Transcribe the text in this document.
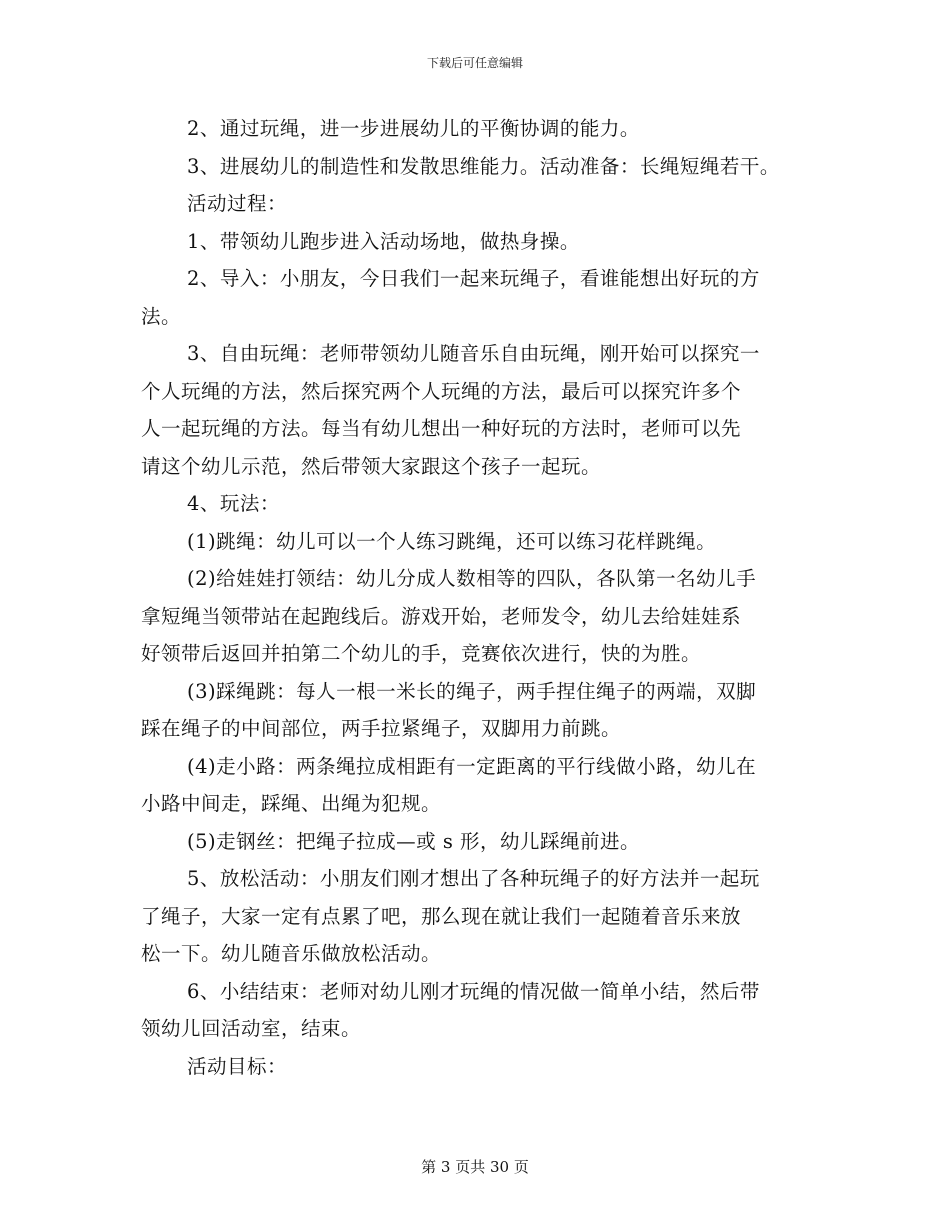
下载后可任意编辑
2、通过玩绳，进一步进展幼儿的平衡协调的能力。
3、进展幼儿的制造性和发散思维能力。活动准备：长绳短绳若干。
活动过程：
1、带领幼儿跑步进入活动场地，做热身操。
2、导入：小朋友，今日我们一起来玩绳子，看谁能想出好玩的方
法。
3、自由玩绳：老师带领幼儿随音乐自由玩绳，刚开始可以探究一
个人玩绳的方法，然后探究两个人玩绳的方法，最后可以探究许多个
人一起玩绳的方法。每当有幼儿想出一种好玩的方法时，老师可以先
请这个幼儿示范，然后带领大家跟这个孩子一起玩。
4、玩法：
(1)跳绳：幼儿可以一个人练习跳绳，还可以练习花样跳绳。
(2)给娃娃打领结：幼儿分成人数相等的四队，各队第一名幼儿手
拿短绳当领带站在起跑线后。游戏开始，老师发令，幼儿去给娃娃系
好领带后返回并拍第二个幼儿的手，竞赛依次进行，快的为胜。
(3)踩绳跳：每人一根一米长的绳子，两手捏住绳子的两端，双脚
踩在绳子的中间部位，两手拉紧绳子，双脚用力前跳。
(4)走小路：两条绳拉成相距有一定距离的平行线做小路，幼儿在
小路中间走，踩绳、出绳为犯规。
(5)走钢丝：把绳子拉成—或 s 形，幼儿踩绳前进。
5、放松活动：小朋友们刚才想出了各种玩绳子的好方法并一起玩
了绳子，大家一定有点累了吧，那么现在就让我们一起随着音乐来放
松一下。幼儿随音乐做放松活动。
6、小结结束：老师对幼儿刚才玩绳的情况做一简单小结，然后带
领幼儿回活动室，结束。
活动目标：
第 3 页共 30 页
